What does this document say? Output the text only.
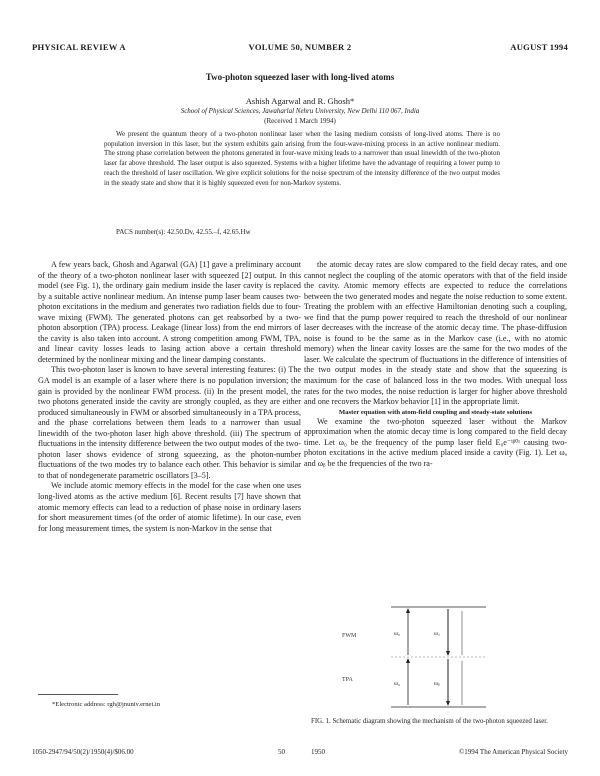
PHYSICAL REVIEW A	VOLUME 50, NUMBER 2	AUGUST 1994
Two-photon squeezed laser with long-lived atoms
Ashish Agarwal and R. Ghosh*
School of Physical Sciences, Jawaharlal Nehru University, New Delhi 110 067, India
(Received 1 March 1994)

We present the quantum theory of a two-photon nonlinear laser when the lasing medium consists of long-lived atoms. There is no population inversion in this laser, but the system exhibits gain arising from the four-wave-mixing process in an active nonlinear medium. The strong phase correlation between the photons generated in four-wave mixing leads to a narrower than usual linewidth of the two-photon laser far above threshold. The laser output is also squeezed. Systems with a higher lifetime have the advantage of requiring a lower pump to reach the threshold of laser oscillation. We give explicit solutions for the noise spectrum of the intensity difference of the two output modes in the steady state and show that it is highly squeezed even for non-Markov systems.

PACS number(s): 42.50.Dv, 42.55.–f, 42.65.Hw

A few years back, Ghosh and Agarwal (GA) [1] gave a preliminary account of the theory of a two-photon nonlinear laser with squeezed [2] output. In this model (see Fig. 1), the ordinary gain medium inside the laser cavity is replaced by a suitable active nonlinear medium. An intense pump laser beam causes two-photon excitations in the medium and generates two radiation fields due to four-wave mixing (FWM). The generated photons can get reabsorbed by a two-photon absorption (TPA) process. Leakage (linear loss) from the end mirrors of the cavity is also taken into account. A strong competition among FWM, TPA, and linear cavity losses leads to lasing action above a certain threshold determined by the nonlinear mixing and the linear damping constants.

This two-photon laser is known to have several interesting features: (i) The GA model is an example of a laser where there is no population inversion; the gain is provided by the nonlinear FWM process. (ii) In the present model, the two photons generated inside the cavity are strongly coupled, as they are either produced simultaneously in FWM or absorbed simultaneously in a TPA process, and the phase correlations between them leads to a narrower than usual linewidth of the two-photon laser high above threshold. (iii) The spectrum of fluctuations in the intensity difference between the two output modes of the two-photon laser shows evidence of strong squeezing, as the photon-number fluctuations of the two modes try to balance each other. This behavior is similar to that of nondegenerate parametric oscillators [3–5].

We include atomic memory effects in the model for the case when one uses long-lived atoms as the active medium [6]. Recent results [7] have shown that atomic memory effects can lead to a reduction of phase noise in ordinary lasers for short measurement times (of the order of atomic lifetime). In our case, even for long measurement times, the system is non-Markov in the sense that

the atomic decay rates are slow compared to the field decay rates, and one cannot neglect the coupling of the atomic operators with that of the field inside the cavity. Atomic memory effects are expected to reduce the correlations between the two generated modes and negate the noise reduction to some extent. Treating the problem with an effective Hamiltonian denoting such a coupling, we find that the pump power required to reach the threshold of our nonlinear laser decreases with the increase of the atomic decay time. The phase-diffusion noise is found to be the same as in the Markov case (i.e., with no atomic memory) when the linear cavity losses are the same for the two modes of the laser. We calculate the spectrum of fluctuations in the difference of intensities of the two output modes in the steady state and show that the squeezing is maximum for the case of balanced loss in the two modes. With unequal loss rates for the two modes, the noise reduction is larger for higher above threshold and one recovers the Markov behavior [1] in the appropriate limit.

Master equation with atom-field coupling and steady-state solutions

We examine the two-photon squeezed laser without the Markov approximation when the atomic decay time is long compared to the field decay time. Let ω₀ be the frequency of the pump laser field E₀e⁻ⁱᵝ⁰ᵗ causing two-photon excitations in the active medium placed inside a cavity (Fig. 1). Let ωₐ and ωᵦ be the frequencies of the two ra-

*Electronic address: rgh@jnuniv.ernet.in
FWM
TPA
ωₐ
ωᵦ
ω₀
ω₀
FIG. 1. Schematic diagram showing the mechanism of the two-photon squeezed laser.
1050-2947/94/50(2)/1950(4)/$06.00	50	1950	©1994 The American Physical Society
